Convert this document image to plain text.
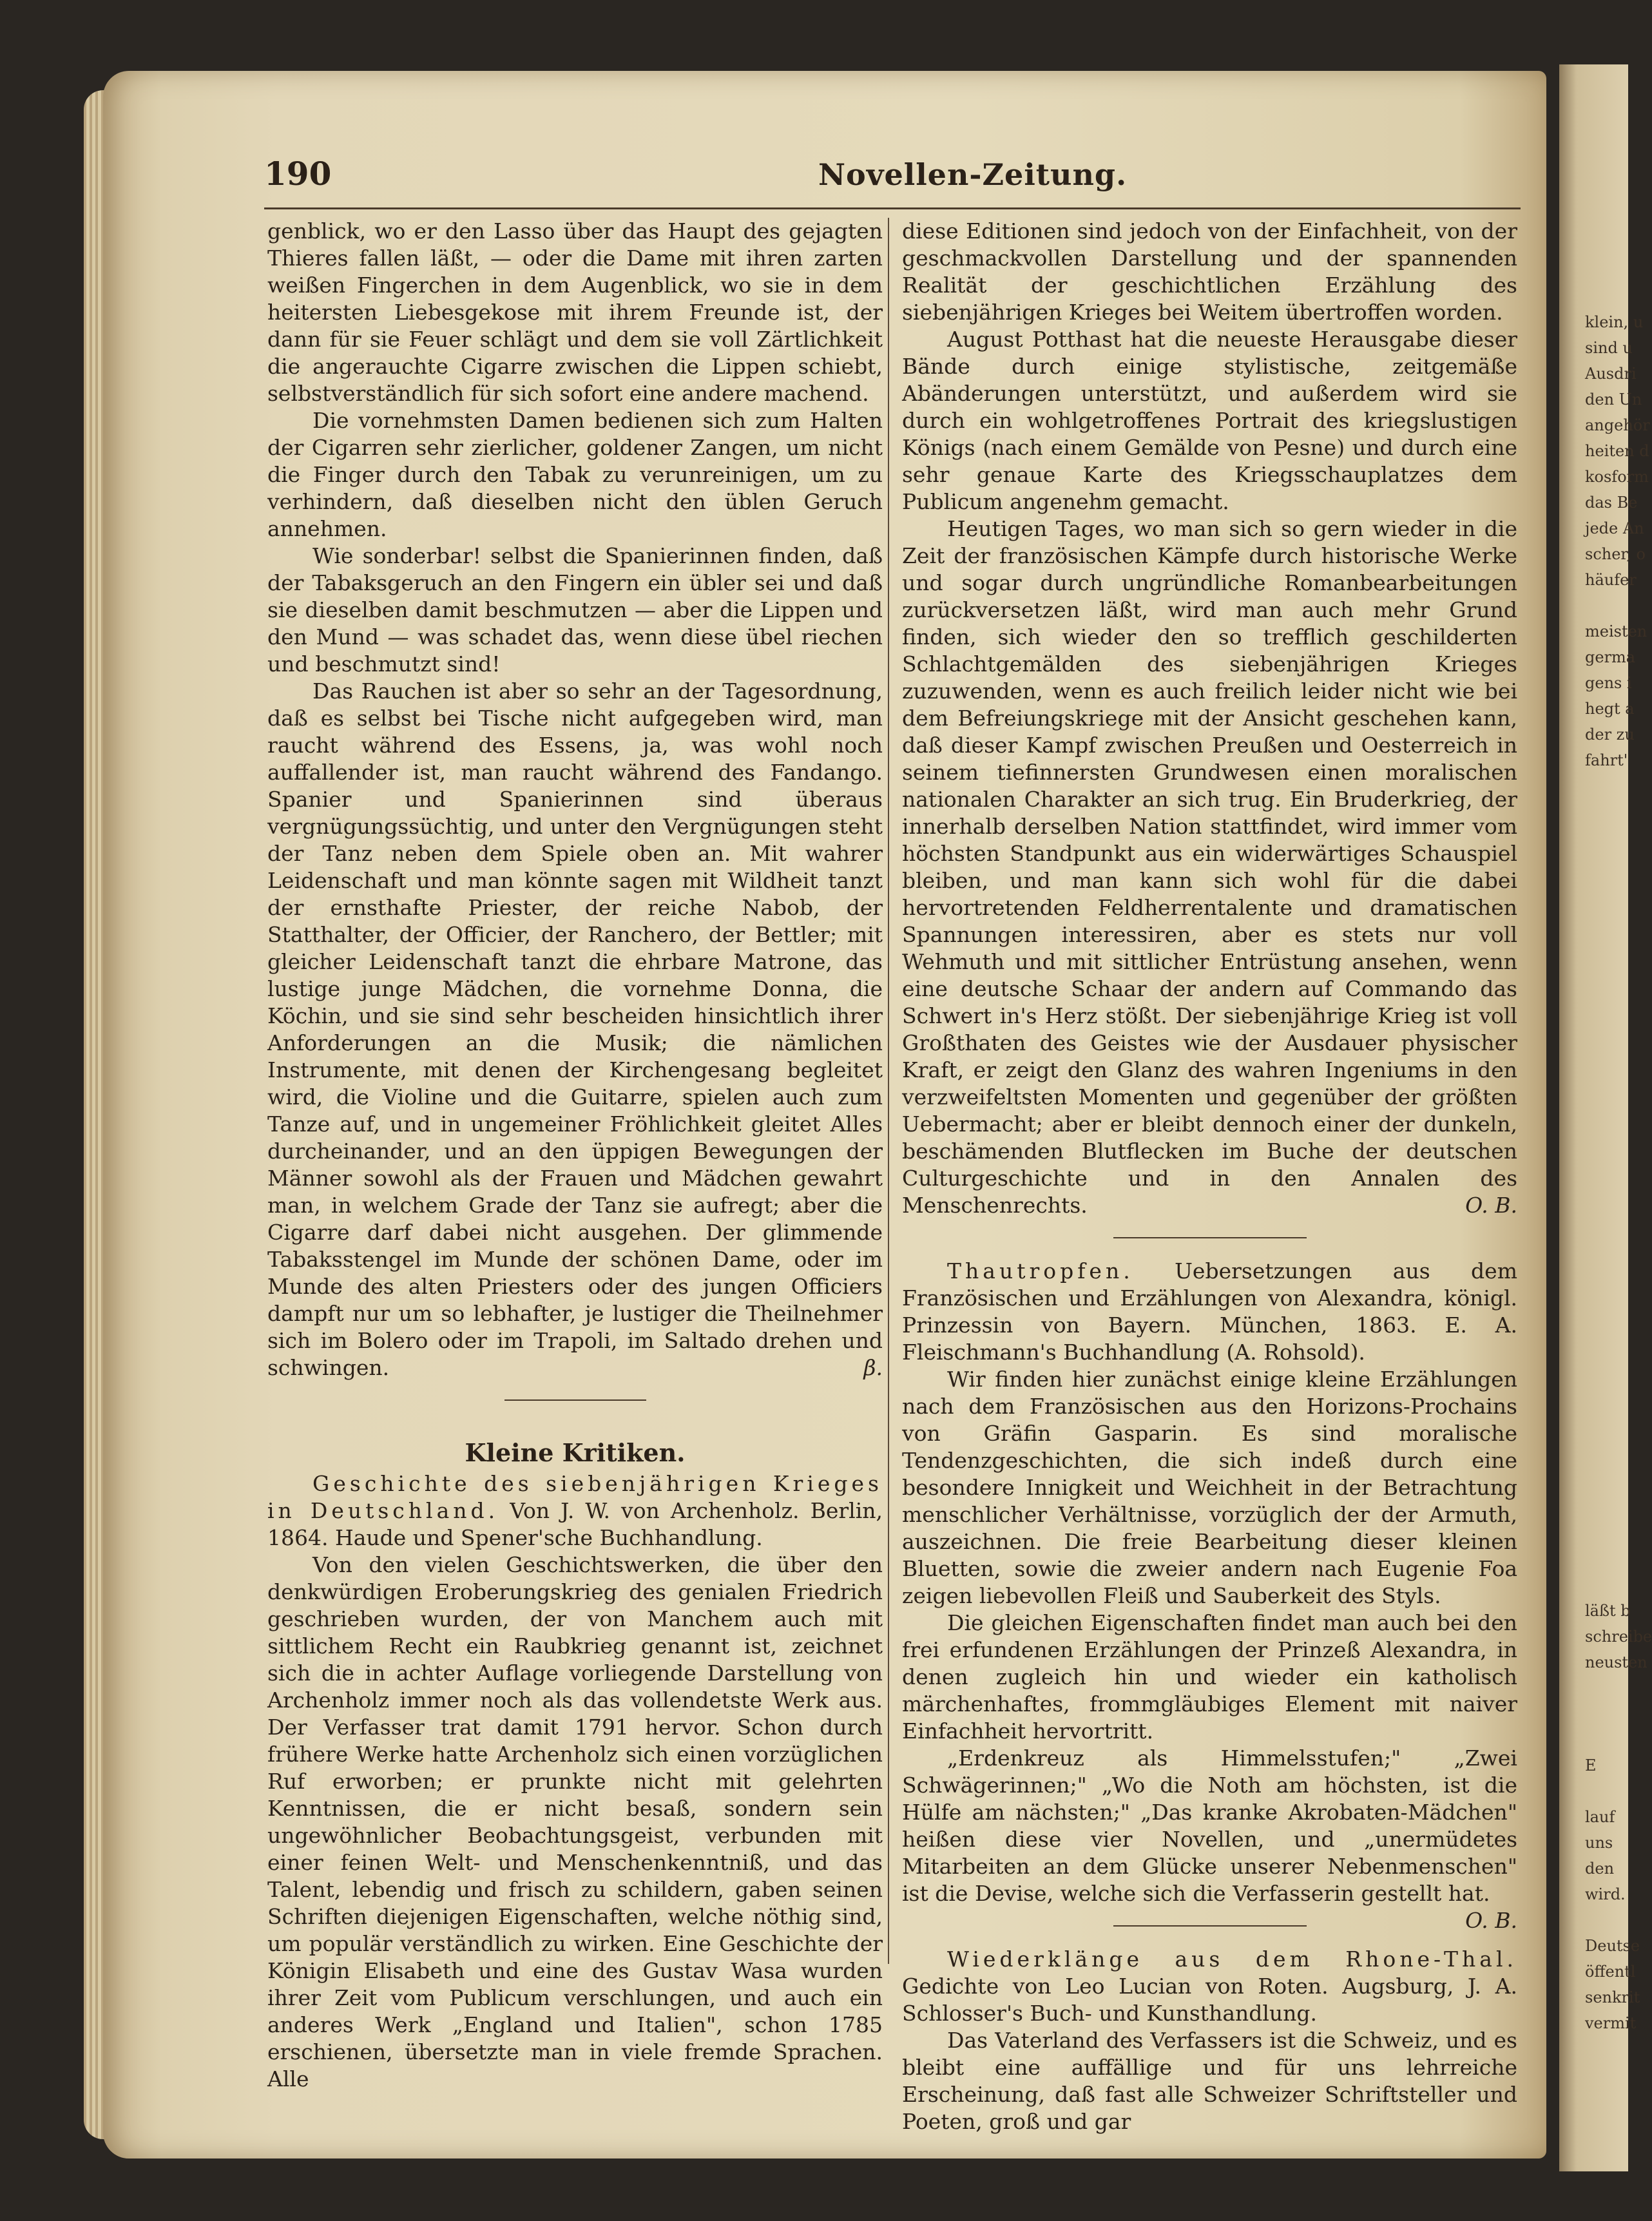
klein, u
sind u
Ausdri
den Un
angehör
heiten d
kosform
das Be
jede An
scher, o
häufer

meisten
germa
gens i
hegt a
der zu
fahrt'

läßt b
schreibe
neusten

E

lauf
uns
den
wird.

Deutse
öffentl
senkrit
vermit
190	Novellen-Zeitung.

genblick, wo er den Lasso über das Haupt des gejagten Thieres fallen läßt, — oder die Dame mit ihren zarten weißen Fingerchen in dem Augenblick, wo sie in dem heitersten Liebesgekose mit ihrem Freunde ist, der dann für sie Feuer schlägt und dem sie voll Zärtlichkeit die angerauchte Cigarre zwischen die Lippen schiebt, selbstverständlich für sich sofort eine andere machend.

Die vornehmsten Damen bedienen sich zum Halten der Cigarren sehr zierlicher, goldener Zangen, um nicht die Finger durch den Tabak zu verunreinigen, um zu verhindern, daß dieselben nicht den üblen Geruch annehmen.

Wie sonderbar! selbst die Spanierinnen finden, daß der Tabaksgeruch an den Fingern ein übler sei und daß sie dieselben damit beschmutzen — aber die Lippen und den Mund — was schadet das, wenn diese übel riechen und beschmutzt sind!

Das Rauchen ist aber so sehr an der Tagesordnung, daß es selbst bei Tische nicht aufgegeben wird, man raucht während des Essens, ja, was wohl noch auffallender ist, man raucht während des Fandango. Spanier und Spanierinnen sind überaus vergnügungssüchtig, und unter den Vergnügungen steht der Tanz neben dem Spiele oben an. Mit wahrer Leidenschaft und man könnte sagen mit Wildheit tanzt der ernsthafte Priester, der reiche Nabob, der Statthalter, der Officier, der Ranchero, der Bettler; mit gleicher Leidenschaft tanzt die ehrbare Matrone, das lustige junge Mädchen, die vornehme Donna, die Köchin, und sie sind sehr bescheiden hinsichtlich ihrer Anforderungen an die Musik; die nämlichen Instrumente, mit denen der Kirchengesang begleitet wird, die Violine und die Guitarre, spielen auch zum Tanze auf, und in ungemeiner Fröhlichkeit gleitet Alles durcheinander, und an den üppigen Bewegungen der Männer sowohl als der Frauen und Mädchen gewahrt man, in welchem Grade der Tanz sie aufregt; aber die Cigarre darf dabei nicht ausgehen. Der glimmende Tabaksstengel im Munde der schönen Dame, oder im Munde des alten Priesters oder des jungen Officiers dampft nur um so lebhafter, je lustiger die Theilnehmer sich im Bolero oder im Trapoli, im Saltado drehen und schwingen.	β.

Kleine Kritiken.

Geschichte des siebenjährigen Krieges in Deutschland. Von J. W. von Archenholz. Berlin, 1864. Haude und Spener'sche Buchhandlung.

Von den vielen Geschichtswerken, die über den denkwürdigen Eroberungskrieg des genialen Friedrich geschrieben wurden, der von Manchem auch mit sittlichem Recht ein Raubkrieg genannt ist, zeichnet sich die in achter Auflage vorliegende Darstellung von Archenholz immer noch als das vollendetste Werk aus. Der Verfasser trat damit 1791 hervor. Schon durch frühere Werke hatte Archenholz sich einen vorzüglichen Ruf erworben; er prunkte nicht mit gelehrten Kenntnissen, die er nicht besaß, sondern sein ungewöhnlicher Beobachtungsgeist, verbunden mit einer feinen Welt- und Menschenkenntniß, und das Talent, lebendig und frisch zu schildern, gaben seinen Schriften diejenigen Eigenschaften, welche nöthig sind, um populär verständlich zu wirken. Eine Geschichte der Königin Elisabeth und eine des Gustav Wasa wurden ihrer Zeit vom Publicum verschlungen, und auch ein anderes Werk „England und Italien", schon 1785 erschienen, übersetzte man in viele fremde Sprachen. Alle

diese Editionen sind jedoch von der Einfachheit, von der geschmackvollen Darstellung und der spannenden Realität der geschichtlichen Erzählung des siebenjährigen Krieges bei Weitem übertroffen worden.

August Potthast hat die neueste Herausgabe dieser Bände durch einige stylistische, zeitgemäße Abänderungen unterstützt, und außerdem wird sie durch ein wohlgetroffenes Portrait des kriegslustigen Königs (nach einem Gemälde von Pesne) und durch eine sehr genaue Karte des Kriegsschauplatzes dem Publicum angenehm gemacht.

Heutigen Tages, wo man sich so gern wieder in die Zeit der französischen Kämpfe durch historische Werke und sogar durch ungründliche Romanbearbeitungen zurückversetzen läßt, wird man auch mehr Grund finden, sich wieder den so trefflich geschilderten Schlachtgemälden des siebenjährigen Krieges zuzuwenden, wenn es auch freilich leider nicht wie bei dem Befreiungskriege mit der Ansicht geschehen kann, daß dieser Kampf zwischen Preußen und Oesterreich in seinem tiefinnersten Grundwesen einen moralischen nationalen Charakter an sich trug. Ein Bruderkrieg, der innerhalb derselben Nation stattfindet, wird immer vom höchsten Standpunkt aus ein widerwärtiges Schauspiel bleiben, und man kann sich wohl für die dabei hervortretenden Feldherrentalente und dramatischen Spannungen interessiren, aber es stets nur voll Wehmuth und mit sittlicher Entrüstung ansehen, wenn eine deutsche Schaar der andern auf Commando das Schwert in's Herz stößt. Der siebenjährige Krieg ist voll Großthaten des Geistes wie der Ausdauer physischer Kraft, er zeigt den Glanz des wahren Ingeniums in den verzweifeltsten Momenten und gegenüber der größten Uebermacht; aber er bleibt dennoch einer der dunkeln, beschämenden Blutflecken im Buche der deutschen Culturgeschichte und in den Annalen des Menschenrechts.	O. B.

Thautropfen. Uebersetzungen aus dem Französischen und Erzählungen von Alexandra, königl. Prinzessin von Bayern. München, 1863. E. A. Fleischmann's Buchhandlung (A. Rohsold).

Wir finden hier zunächst einige kleine Erzählungen nach dem Französischen aus den Horizons-Prochains von Gräfin Gasparin. Es sind moralische Tendenzgeschichten, die sich indeß durch eine besondere Innigkeit und Weichheit in der Betrachtung menschlicher Verhältnisse, vorzüglich der der Armuth, auszeichnen. Die freie Bearbeitung dieser kleinen Bluetten, sowie die zweier andern nach Eugenie Foa zeigen liebevollen Fleiß und Sauberkeit des Styls.

Die gleichen Eigenschaften findet man auch bei den frei erfundenen Erzählungen der Prinzeß Alexandra, in denen zugleich hin und wieder ein katholisch märchenhaftes, frommgläubiges Element mit naiver Einfachheit hervortritt.

„Erdenkreuz als Himmelsstufen;" „Zwei Schwägerinnen;" „Wo die Noth am höchsten, ist die Hülfe am nächsten;" „Das kranke Akrobaten-Mädchen" heißen diese vier Novellen, und „unermüdetes Mitarbeiten an dem Glücke unserer Nebenmenschen" ist die Devise, welche sich die Verfasserin gestellt hat.
O. B.

Wiederklänge aus dem Rhone-Thal. Gedichte von Leo Lucian von Roten. Augsburg, J. A. Schlosser's Buch- und Kunsthandlung.

Das Vaterland des Verfassers ist die Schweiz, und es bleibt eine auffällige und für uns lehrreiche Erscheinung, daß fast alle Schweizer Schriftsteller und Poeten, groß und gar
